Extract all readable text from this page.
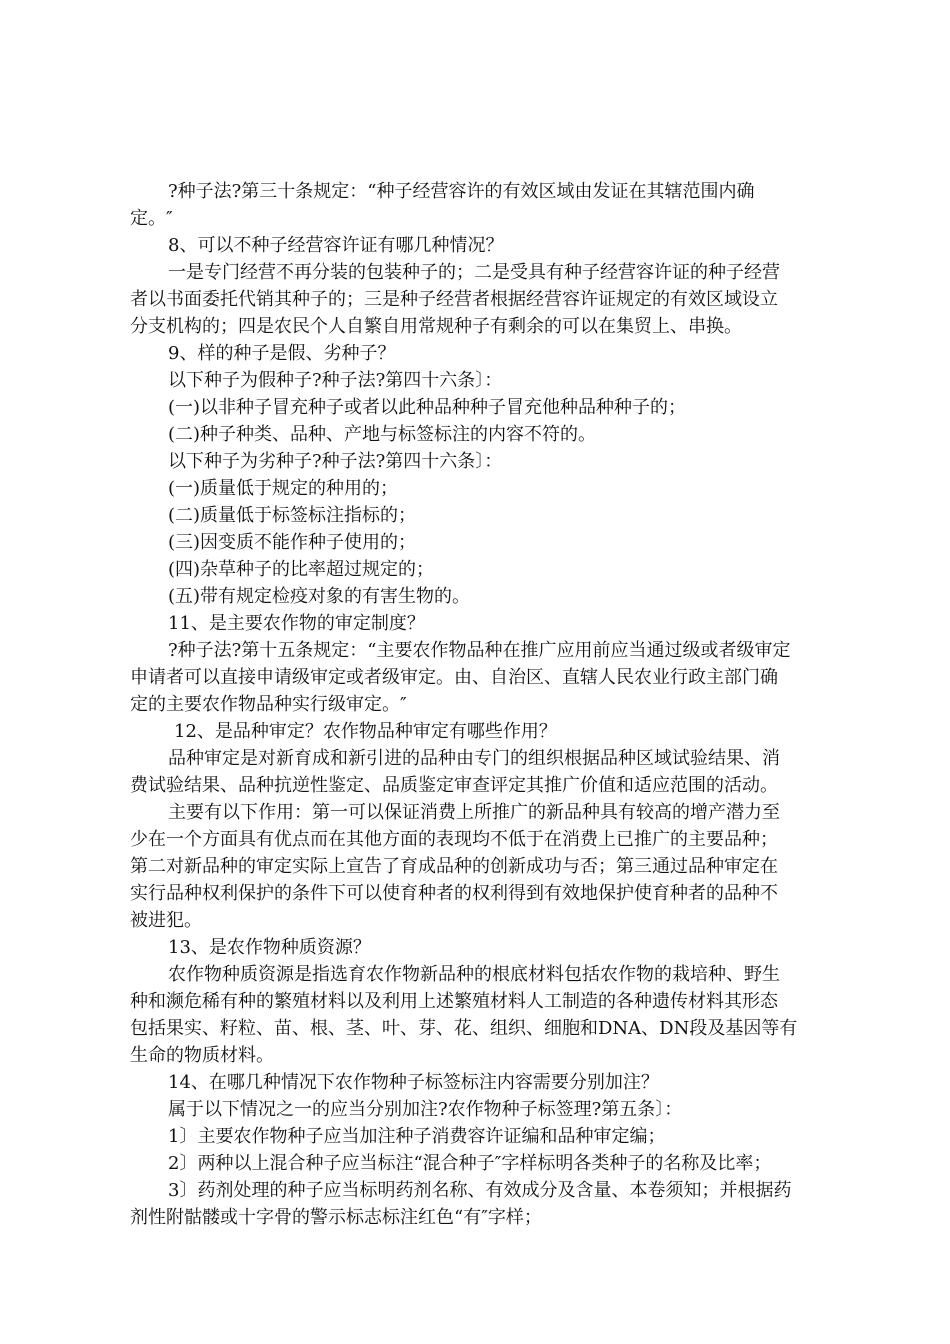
?种子法?第三十条规定：“种子经营容许的有效区域由发证在其辖范围内确
定。″
8、可以不种子经营容许证有哪几种情况？
一是专门经营不再分装的包装种子的；二是受具有种子经营容许证的种子经营
者以书面委托代销其种子的；三是种子经营者根据经营容许证规定的有效区域设立
分支机构的；四是农民个人自繁自用常规种子有剩余的可以在集贸上、串换。
9、样的种子是假、劣种子？
以下种子为假种子?种子法?第四十六条〕：
(一)以非种子冒充种子或者以此种品种种子冒充他种品种种子的；
(二)种子种类、品种、产地与标签标注的内容不符的。
以下种子为劣种子?种子法?第四十六条〕：
(一)质量低于规定的种用的；
(二)质量低于标签标注指标的；
(三)因变质不能作种子使用的；
(四)杂草种子的比率超过规定的；
(五)带有规定检疫对象的有害生物的。
11、是主要农作物的审定制度？
?种子法?第十五条规定：“主要农作物品种在推广应用前应当通过级或者级审定
申请者可以直接申请级审定或者级审定。由、自治区、直辖人民农业行政主部门确
定的主要农作物品种实行级审定。″
12、是品种审定？农作物品种审定有哪些作用？
品种审定是对新育成和新引进的品种由专门的组织根据品种区域试验结果、消
费试验结果、品种抗逆性鉴定、品质鉴定审查评定其推广价值和适应范围的活动。
主要有以下作用：第一可以保证消费上所推广的新品种具有较高的增产潜力至
少在一个方面具有优点而在其他方面的表现均不低于在消费上已推广的主要品种；
第二对新品种的审定实际上宣告了育成品种的创新成功与否；第三通过品种审定在
实行品种权利保护的条件下可以使育种者的权利得到有效地保护使育种者的品种不
被进犯。
13、是农作物种质资源？
农作物种质资源是指选育农作物新品种的根底材料包括农作物的栽培种、野生
种和濒危稀有种的繁殖材料以及利用上述繁殖材料人工制造的各种遗传材料其形态
包括果实、籽粒、苗、根、茎、叶、芽、花、组织、细胞和DNA、DN段及基因等有
生命的物质材料。
14、在哪几种情况下农作物种子标签标注内容需要分别加注？
属于以下情况之一的应当分别加注?农作物种子标签理?第五条〕：
1〕主要农作物种子应当加注种子消费容许证编和品种审定编；
2〕两种以上混合种子应当标注“混合种子″字样标明各类种子的名称及比率；
3〕药剂处理的种子应当标明药剂名称、有效成分及含量、本卷须知；并根据药
剂性附骷髅或十字骨的警示标志标注红色“有″字样；
